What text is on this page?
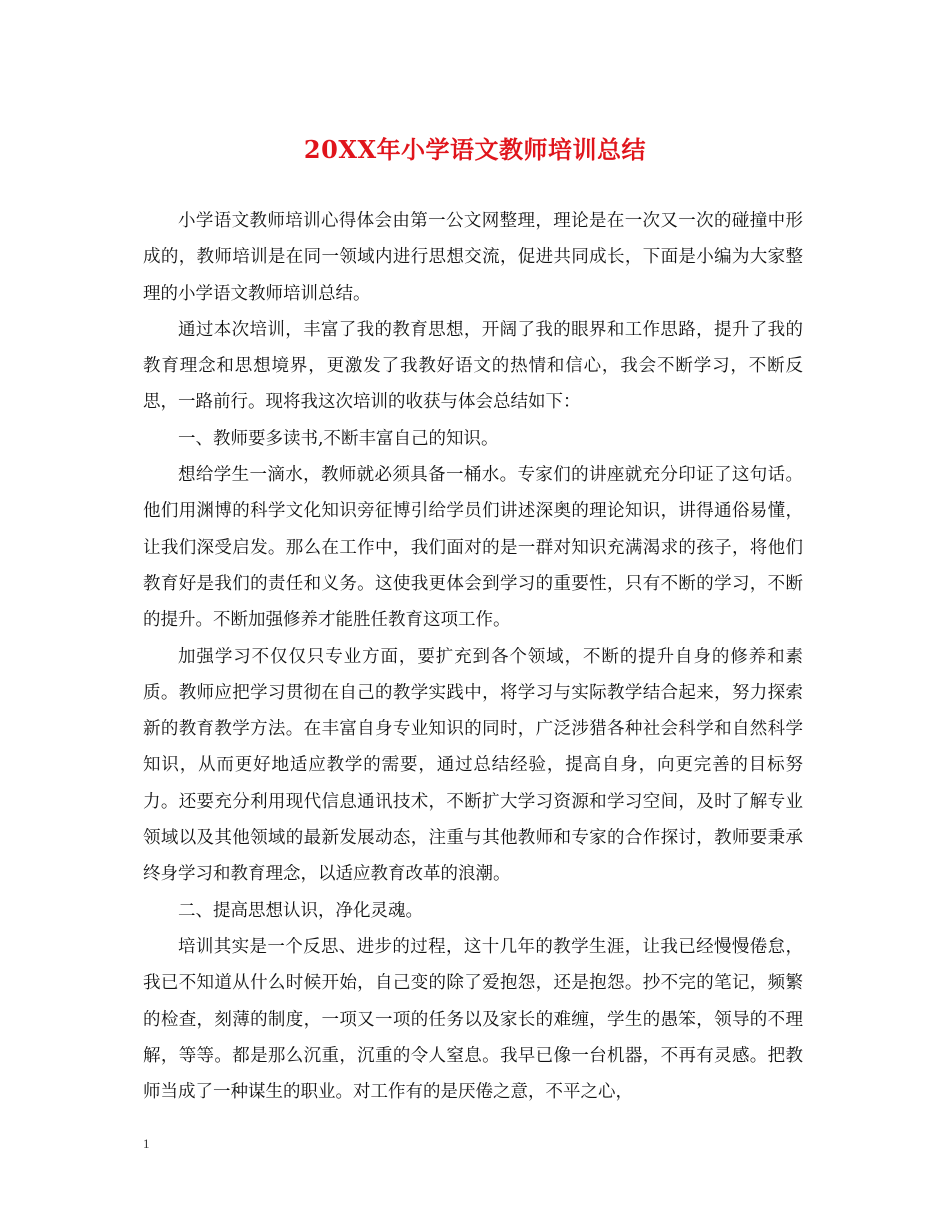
20XX年小学语文教师培训总结

小学语文教师培训心得体会由第一公文网整理，理论是在一次又一次的碰撞中形成的，教师培训是在同一领域内进行思想交流，促进共同成长，下面是小编为大家整理的小学语文教师培训总结。

通过本次培训，丰富了我的教育思想，开阔了我的眼界和工作思路，提升了我的教育理念和思想境界，更激发了我教好语文的热情和信心，我会不断学习，不断反思，一路前行。现将我这次培训的收获与体会总结如下：

一、教师要多读书,不断丰富自己的知识。

想给学生一滴水，教师就必须具备一桶水。专家们的讲座就充分印证了这句话。他们用渊博的科学文化知识旁征博引给学员们讲述深奥的理论知识，讲得通俗易懂，让我们深受启发。那么在工作中，我们面对的是一群对知识充满渴求的孩子，将他们教育好是我们的责任和义务。这使我更体会到学习的重要性，只有不断的学习，不断的提升。不断加强修养才能胜任教育这项工作。

加强学习不仅仅只专业方面，要扩充到各个领域，不断的提升自身的修养和素质。教师应把学习贯彻在自己的教学实践中，将学习与实际教学结合起来，努力探索新的教育教学方法。在丰富自身专业知识的同时，广泛涉猎各种社会科学和自然科学知识，从而更好地适应教学的需要，通过总结经验，提高自身，向更完善的目标努力。还要充分利用现代信息通讯技术，不断扩大学习资源和学习空间，及时了解专业领域以及其他领域的最新发展动态，注重与其他教师和专家的合作探讨，教师要秉承终身学习和教育理念，以适应教育改革的浪潮。

二、提高思想认识，净化灵魂。

培训其实是一个反思、进步的过程，这十几年的教学生涯，让我已经慢慢倦怠，我已不知道从什么时候开始，自己变的除了爱抱怨，还是抱怨。抄不完的笔记，频繁的检查，刻薄的制度，一项又一项的任务以及家长的难缠，学生的愚笨，领导的不理解，等等。都是那么沉重，沉重的令人窒息。我早已像一台机器，不再有灵感。把教师当成了一种谋生的职业。对工作有的是厌倦之意，不平之心，

1
